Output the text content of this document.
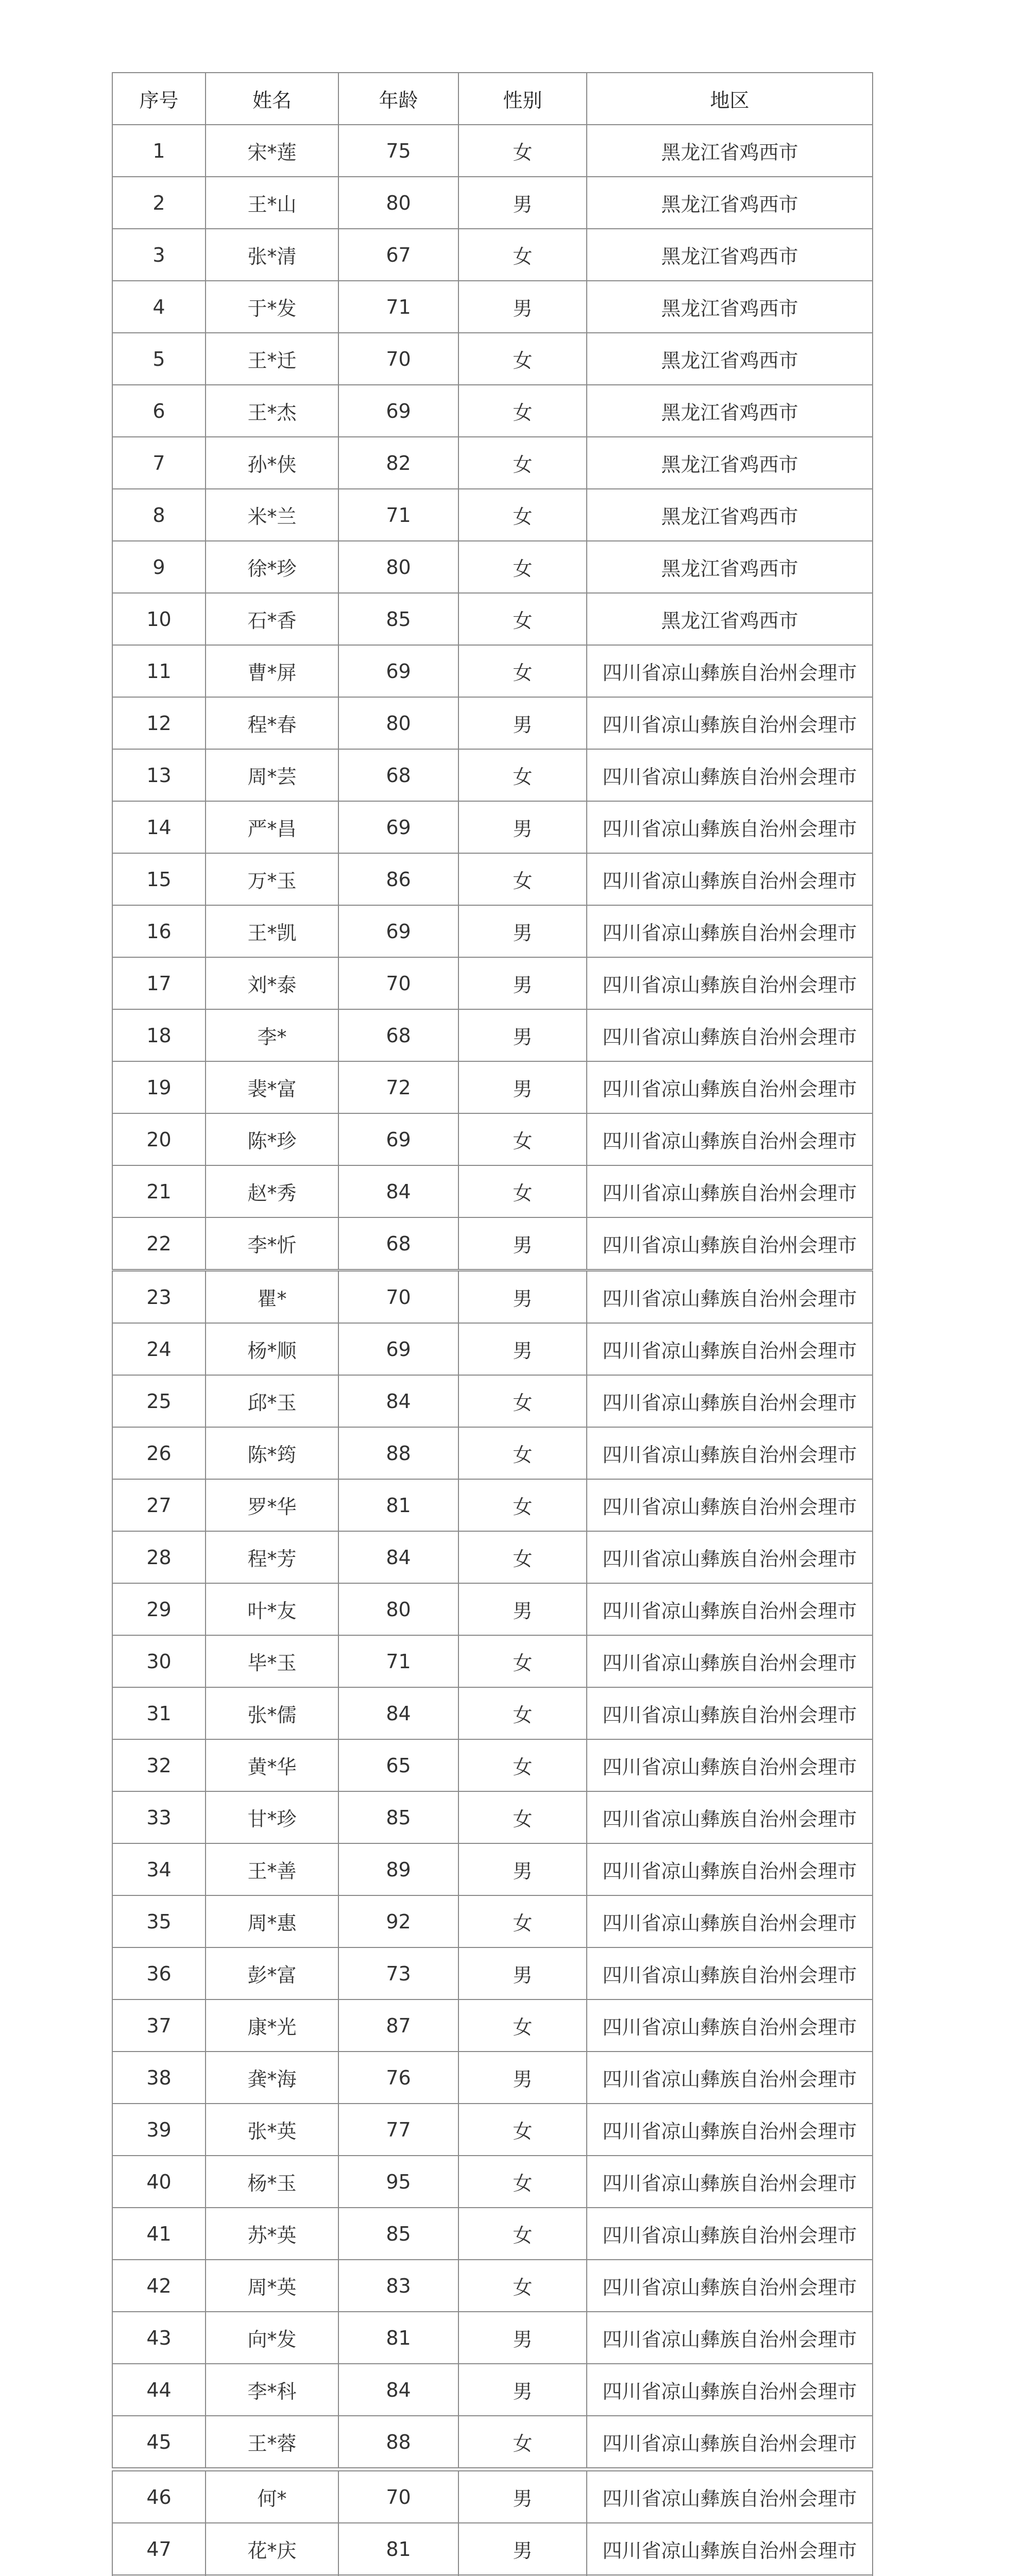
序号	姓名	年龄	性别	地区
1	宋*莲	75	女	黑龙江省鸡西市
2	王*山	80	男	黑龙江省鸡西市
3	张*清	67	女	黑龙江省鸡西市
4	于*发	71	男	黑龙江省鸡西市
5	王*迁	70	女	黑龙江省鸡西市
6	王*杰	69	女	黑龙江省鸡西市
7	孙*侠	82	女	黑龙江省鸡西市
8	米*兰	71	女	黑龙江省鸡西市
9	徐*珍	80	女	黑龙江省鸡西市
10	石*香	85	女	黑龙江省鸡西市
11	曹*屏	69	女	四川省凉山彝族自治州会理市
12	程*春	80	男	四川省凉山彝族自治州会理市
13	周*芸	68	女	四川省凉山彝族自治州会理市
14	严*昌	69	男	四川省凉山彝族自治州会理市
15	万*玉	86	女	四川省凉山彝族自治州会理市
16	王*凯	69	男	四川省凉山彝族自治州会理市
17	刘*泰	70	男	四川省凉山彝族自治州会理市
18	李*	68	男	四川省凉山彝族自治州会理市
19	裴*富	72	男	四川省凉山彝族自治州会理市
20	陈*珍	69	女	四川省凉山彝族自治州会理市
21	赵*秀	84	女	四川省凉山彝族自治州会理市
22	李*忻	68	男	四川省凉山彝族自治州会理市
23	瞿*	70	男	四川省凉山彝族自治州会理市
24	杨*顺	69	男	四川省凉山彝族自治州会理市
25	邱*玉	84	女	四川省凉山彝族自治州会理市
26	陈*筠	88	女	四川省凉山彝族自治州会理市
27	罗*华	81	女	四川省凉山彝族自治州会理市
28	程*芳	84	女	四川省凉山彝族自治州会理市
29	叶*友	80	男	四川省凉山彝族自治州会理市
30	毕*玉	71	女	四川省凉山彝族自治州会理市
31	张*儒	84	女	四川省凉山彝族自治州会理市
32	黄*华	65	女	四川省凉山彝族自治州会理市
33	甘*珍	85	女	四川省凉山彝族自治州会理市
34	王*善	89	男	四川省凉山彝族自治州会理市
35	周*惠	92	女	四川省凉山彝族自治州会理市
36	彭*富	73	男	四川省凉山彝族自治州会理市
37	康*光	87	女	四川省凉山彝族自治州会理市
38	龚*海	76	男	四川省凉山彝族自治州会理市
39	张*英	77	女	四川省凉山彝族自治州会理市
40	杨*玉	95	女	四川省凉山彝族自治州会理市
41	苏*英	85	女	四川省凉山彝族自治州会理市
42	周*英	83	女	四川省凉山彝族自治州会理市
43	向*发	81	男	四川省凉山彝族自治州会理市
44	李*科	84	男	四川省凉山彝族自治州会理市
45	王*蓉	88	女	四川省凉山彝族自治州会理市
46	何*	70	男	四川省凉山彝族自治州会理市
47	花*庆	81	男	四川省凉山彝族自治州会理市
